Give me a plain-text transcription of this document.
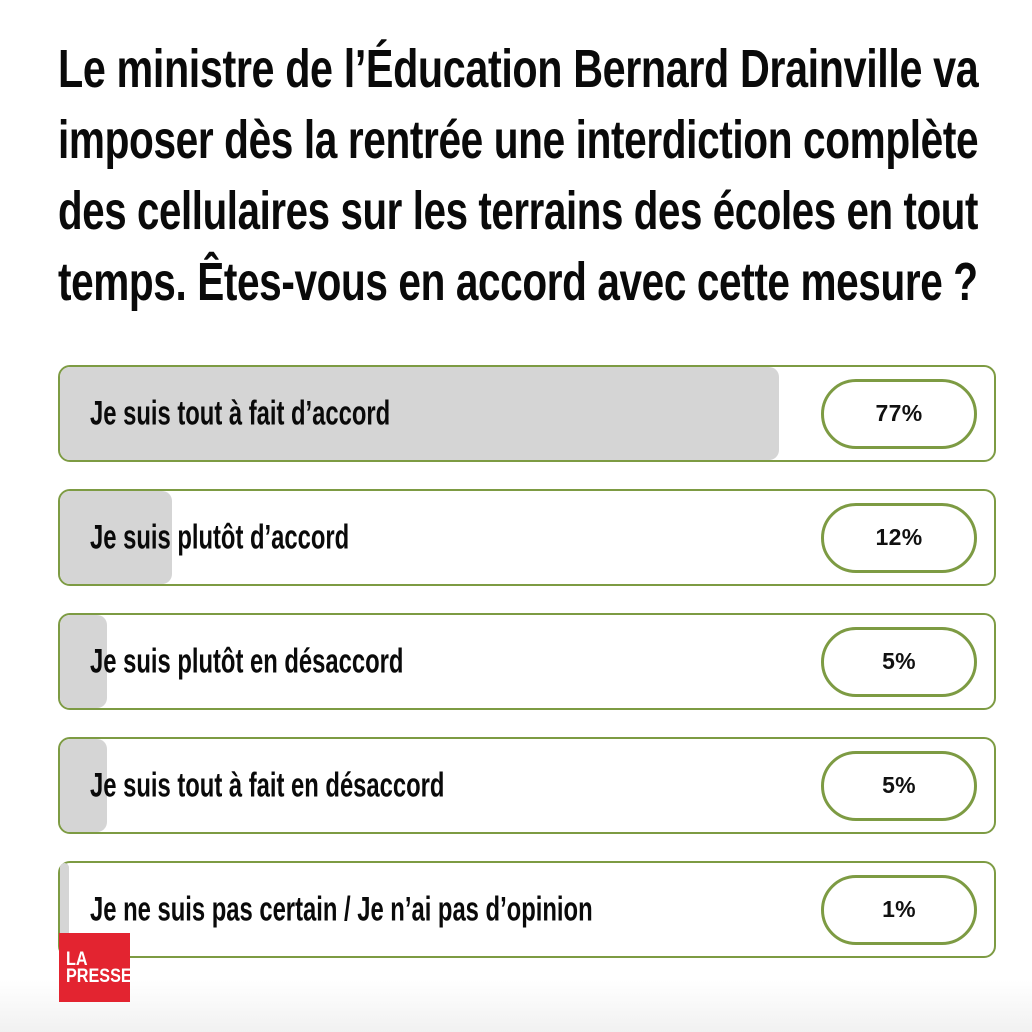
Le ministre de l’Éducation Bernard Drainville va
imposer dès la rentrée une interdiction complète
des cellulaires sur les terrains des écoles en tout
temps. Êtes-vous en accord avec cette mesure ?
Je suis tout à fait d’accord	77%
Je suis plutôt d’accord	12%
Je suis plutôt en désaccord	5%
Je suis tout à fait en désaccord	5%
Je ne suis pas certain / Je n’ai pas d’opinion	1%
LA
PRESSE
